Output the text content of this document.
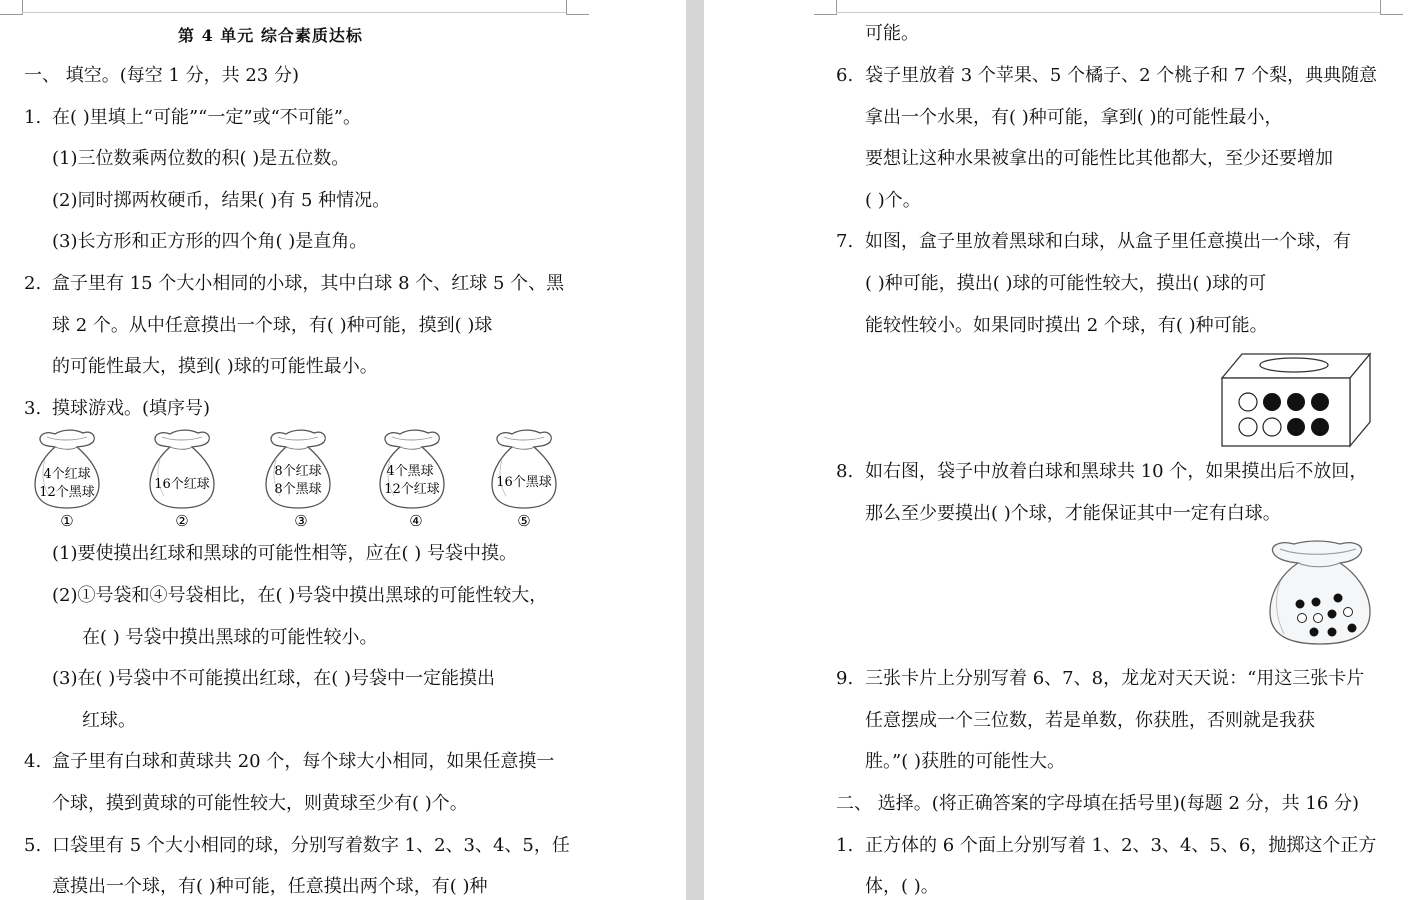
第 4 单元 综合素质达标
一、 填空。(每空 1 分，共 23 分)
1. 在( )里填上“可能”“一定”或“不可能”。
(1)三位数乘两位数的积( )是五位数。
(2)同时掷两枚硬币，结果( )有 5 种情况。
(3)长方形和正方形的四个角( )是直角。
2. 盒子里有 15 个大小相同的小球，其中白球 8 个、红球 5 个、黑
球 2 个。从中任意摸出一个球，有( )种可能，摸到( )球
的可能性最大，摸到( )球的可能性最小。
3. 摸球游戏。(填序号)
4个红球
12个黑球
①
16个红球
②
8个红球
8个黑球
③
4个黑球
12个红球
④
16个黑球
⑤
(1)要使摸出红球和黑球的可能性相等，应在( ) 号袋中摸。
(2)①号袋和④号袋相比，在( )号袋中摸出黑球的可能性较大，
在( ) 号袋中摸出黑球的可能性较小。
(3)在( )号袋中不可能摸出红球，在( )号袋中一定能摸出
红球。
4. 盒子里有白球和黄球共 20 个，每个球大小相同，如果任意摸一
个球，摸到黄球的可能性较大，则黄球至少有( )个。
5. 口袋里有 5 个大小相同的球，分别写着数字 1、2、3、4、5，任
意摸出一个球，有( )种可能，任意摸出两个球，有( )种
可能。
6. 袋子里放着 3 个苹果、5 个橘子、2 个桃子和 7 个梨，典典随意
拿出一个水果，有( )种可能，拿到( )的可能性最小，
要想让这种水果被拿出的可能性比其他都大，至少还要增加
( )个。
7. 如图，盒子里放着黑球和白球，从盒子里任意摸出一个球，有
( )种可能，摸出( )球的可能性较大，摸出( )球的可
能较性较小。如果同时摸出 2 个球，有( )种可能。
8. 如右图，袋子中放着白球和黑球共 10 个，如果摸出后不放回，
那么至少要摸出( )个球，才能保证其中一定有白球。
9. 三张卡片上分别写着 6、7、8，龙龙对天天说：“用这三张卡片
任意摆成一个三位数，若是单数，你获胜，否则就是我获
胜。”( )获胜的可能性大。
二、 选择。(将正确答案的字母填在括号里)(每题 2 分，共 16 分)
1. 正方体的 6 个面上分别写着 1、2、3、4、5、6，抛掷这个正方
体，( )。
